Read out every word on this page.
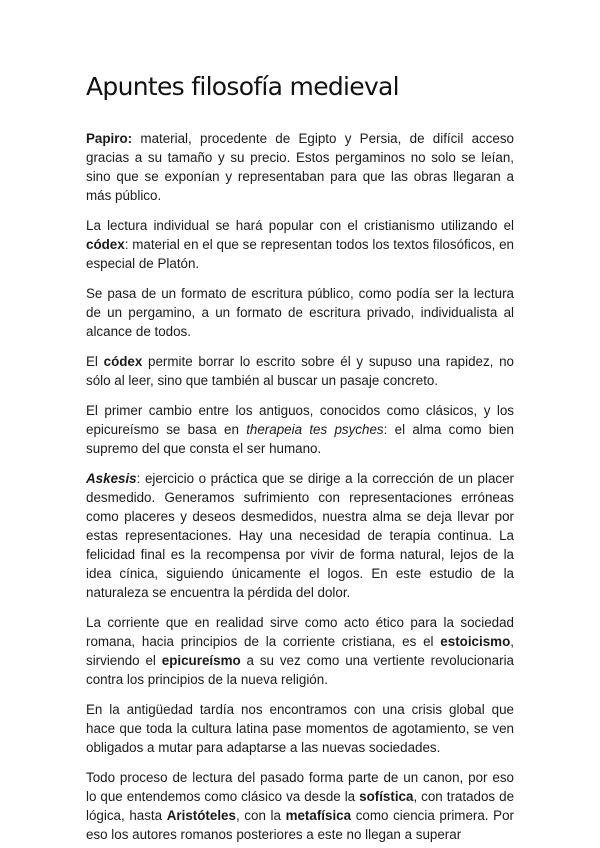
Apuntes filosofía medieval

Papiro: material, procedente de Egipto y Persia, de difícil acceso gracias a su tamaño y su precio. Estos pergaminos no solo se leían, sino que se exponían y representaban para que las obras llegaran a más público.

La lectura individual se hará popular con el cristianismo utilizando el códex: material en el que se representan todos los textos filosóficos, en especial de Platón.

Se pasa de un formato de escritura público, como podía ser la lectura de un pergamino, a un formato de escritura privado, individualista al alcance de todos.

El códex permite borrar lo escrito sobre él y supuso una rapidez, no sólo al leer, sino que también al buscar un pasaje concreto.

El primer cambio entre los antiguos, conocidos como clásicos, y los epicureísmo se basa en therapeia tes psyches: el alma como bien supremo del que consta el ser humano.

Askesis: ejercicio o práctica que se dirige a la corrección de un placer desmedido. Generamos sufrimiento con representaciones erróneas como placeres y deseos desmedidos, nuestra alma se deja llevar por estas representaciones. Hay una necesidad de terapia continua. La felicidad final es la recompensa por vivir de forma natural, lejos de la idea cínica, siguiendo únicamente el logos. En este estudio de la naturaleza se encuentra la pérdida del dolor.

La corriente que en realidad sirve como acto ético para la sociedad romana, hacia principios de la corriente cristiana, es el estoicismo, sirviendo el epicureísmo a su vez como una vertiente revolucionaria contra los principios de la nueva religión.

En la antigüedad tardía nos encontramos con una crisis global que hace que toda la cultura latina pase momentos de agotamiento, se ven obligados a mutar para adaptarse a las nuevas sociedades.

Todo proceso de lectura del pasado forma parte de un canon, por eso lo que entendemos como clásico va desde la sofística, con tratados de lógica, hasta Aristóteles, con la metafísica como ciencia primera. Por eso los autores romanos posteriores a este no llegan a superar
